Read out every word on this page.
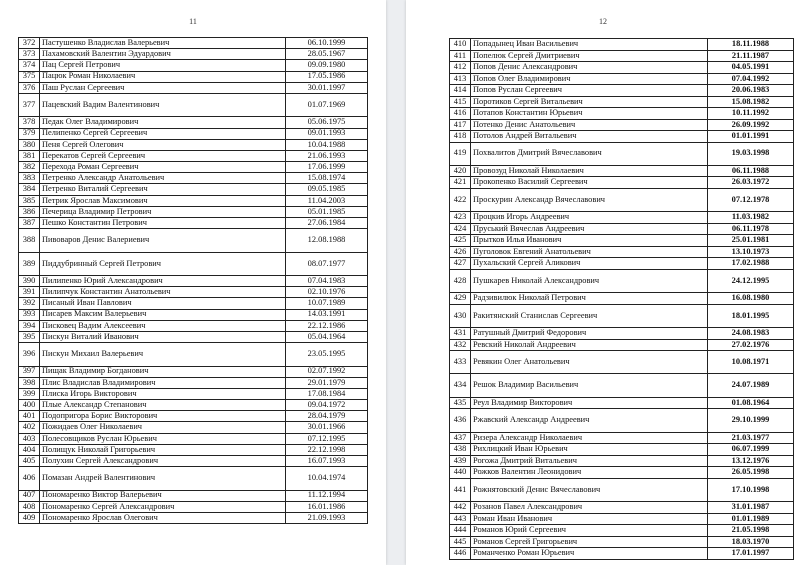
11
372	Пастушенко Владислав Валерьевич	06.10.1999
373	Пахамовский Валентин Эдуардович	28.05.1967
374	Пац Сергей Петрович	09.09.1980
375	Пацюк Роман Николаевич	17.05.1986
376	Паш Руслан Сергеевич	30.01.1997
377	Пацевский Вадим Валентинович	01.07.1969
378	Педак Олег Владимирович	05.06.1975
379	Пелипенко Сергей Сергеевич	09.01.1993
380	Пеня Сергей Олегович	10.04.1988
381	Перекатов Сергей Сергеевич	21.06.1993
382	Перехода Роман Сергеевич	17.06.1999
383	Петренко Александр Анатольевич	15.08.1974
384	Петренко Виталий Сергеевич	09.05.1985
385	Петрик Ярослав Максимович	11.04.2003
386	Печерица Владимир Петрович	05.01.1985
387	Пешко Константин Петрович	27.06.1984
388	Пивоваров Денис Валериевич	12.08.1988
389	Пиддубринный Сергей Петрович	08.07.1977
390	Пилипенко Юрий Александрович	07.04.1983
391	Пилипчук Константин Анатольевич	02.10.1976
392	Писаный Иван Павлович	10.07.1989
393	Писарев Максим Валерьевич	14.03.1991
394	Писковец Вадим Алексеевич	22.12.1986
395	Пискун Виталий Иванович	05.04.1964
396	Пискун Михаил Валерьевич	23.05.1995
397	Пищак Владимир Богданович	02.07.1992
398	Плис Владислав Владимирович	29.01.1979
399	Плиска Игорь Викторович	17.08.1984
400	Плые Александр Степанович	09.04.1972
401	Подопригора Борис Викторович	28.04.1979
402	Пожидаев Олег Николаевич	30.01.1966
403	Полесовщиков Руслан Юрьевич	07.12.1995
404	Полищук Николай Григорьевич	22.12.1998
405	Полухин Сергей Александрович	16.07.1993
406	Помазан Андрей Валентинович	10.04.1974
407	Пономаренко Виктор Валерьевич	11.12.1994
408	Пономаренко Сергей Александрович	16.01.1986
409	Пономаренко Ярослав Олегович	21.09.1993
12
410	Попадынец Иван Васильевич	18.11.1988
411	Попелюк Сергей Дмитриевич	21.11.1987
412	Попов Денис Александрович	04.05.1991
413	Попов Олег Владимирович	07.04.1992
414	Попов Руслан Сергеевич	20.06.1983
415	Поротиков Сергей Витальевич	15.08.1982
416	Потапов Константин Юрьевич	10.11.1992
417	Потенко Денис Анатольевич	26.09.1992
418	Потолов Андрей Витальевич	01.01.1991
419	Похвалитов Дмитрий Вячеславович	19.03.1998
420	Провозуд Николай Николаевич	06.11.1988
421	Прокопенко Василий Сергеевич	26.03.1972
422	Проскурин Александр Вячеславович	07.12.1978
423	Процкив Игорь Андреевич	11.03.1982
424	Пруський Вячеслав Андреевич	06.11.1978
425	Прытков Илья Иванович	25.01.1981
426	Пуголовок Евгений Анатольевич	13.10.1973
427	Пухальский Сергей Аликович	17.02.1988
428	Пушкарев Николай Александрович	24.12.1995
429	Радзивилюк Николай Петрович	16.08.1980
430	Ракитянский Станислав Сергеевич	18.01.1995
431	Ратушный Дмитрий Федорович	24.08.1983
432	Ревский Николай Андреевич	27.02.1976
433	Ревякин Олег Анатольевич	10.08.1971
434	Решок Владимир Васильевич	24.07.1989
435	Реул Владимир Викторович	01.08.1964
436	Ржавский Александр Андреевич	29.10.1999
437	Ризера Александр Николаевич	21.03.1977
438	Рихлицкий Иван Юрьевич	06.07.1999
439	Рогожа Дмитрий Витальевич	13.12.1976
440	Рожков Валентин Леонидович	26.05.1998
441	Рожнятовский Денис Вячеславович	17.10.1998
442	Розанов Павел Александрович	31.01.1987
443	Роман Иван Иванович	01.01.1989
444	Романов Юрий Сергеевич	21.05.1998
445	Романов Сергей Григорьевич	18.03.1970
446	Романченко Роман Юрьевич	17.01.1997
